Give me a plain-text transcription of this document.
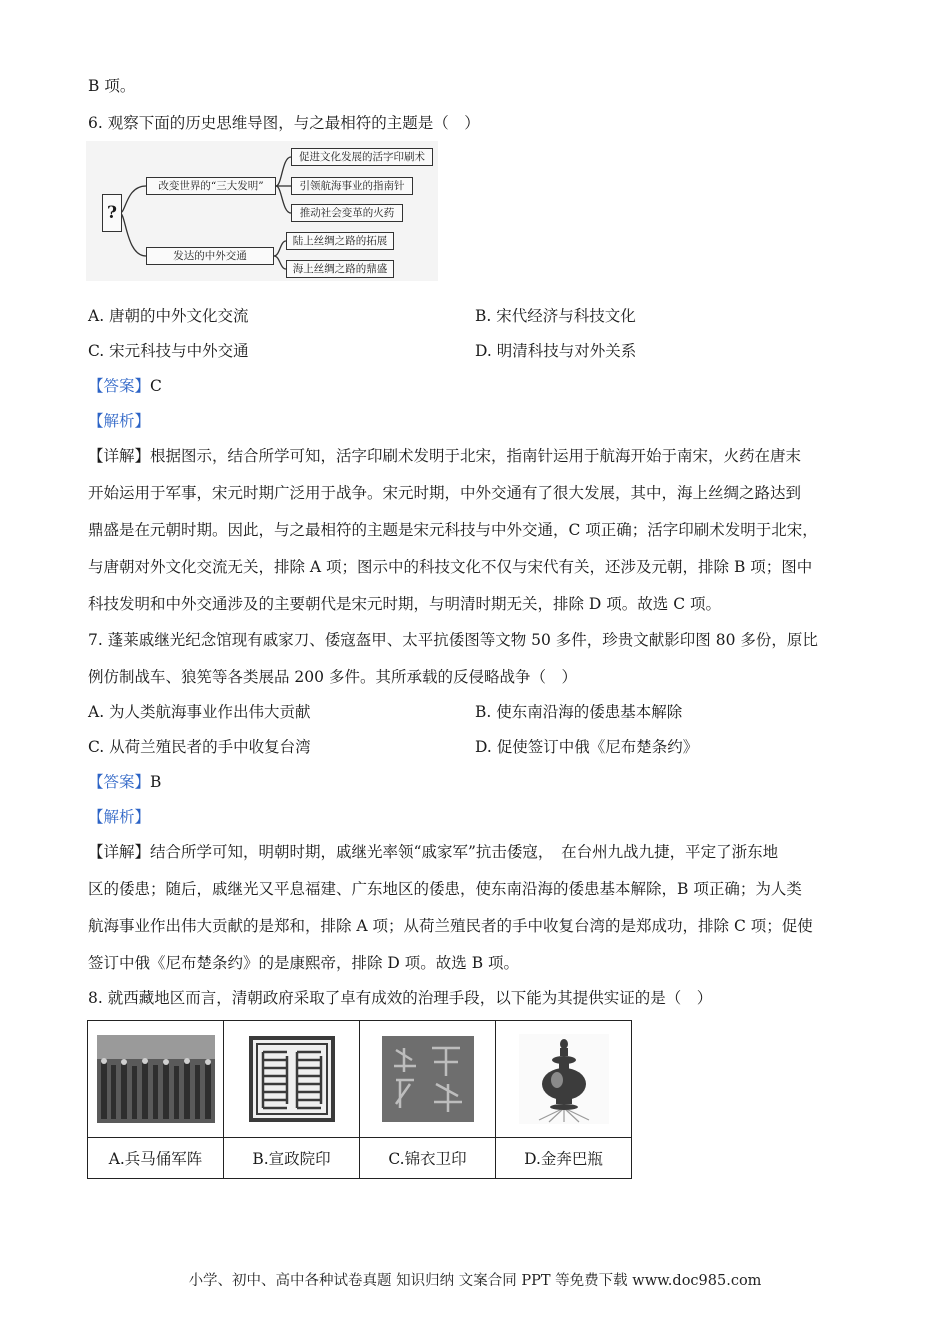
B 项。
6. 观察下面的历史思维导图，与之最相符的主题是（　）
?
改变世界的“三大发明”
促进文化发展的活字印刷术
引领航海事业的指南针
推动社会变革的火药
发达的中外交通
陆上丝绸之路的拓展
海上丝绸之路的鼎盛
A. 唐朝的中外文化交流	B. 宋代经济与科技文化
C. 宋元科技与中外交通	D. 明清科技与对外关系
【答案】C
【解析】
【详解】根据图示，结合所学可知，活字印刷术发明于北宋，指南针运用于航海开始于南宋，火药在唐末
开始运用于军事，宋元时期广泛用于战争。宋元时期，中外交通有了很大发展，其中，海上丝绸之路达到
鼎盛是在元朝时期。因此，与之最相符的主题是宋元科技与中外交通，C 项正确；活字印刷术发明于北宋，
与唐朝对外文化交流无关，排除 A 项；图示中的科技文化不仅与宋代有关，还涉及元朝，排除 B 项；图中
科技发明和中外交通涉及的主要朝代是宋元时期，与明清时期无关，排除 D 项。故选 C 项。
7. 蓬莱戚继光纪念馆现有戚家刀、倭寇盔甲、太平抗倭图等文物 50 多件，珍贵文献影印图 80 多份，原比
例仿制战车、狼筅等各类展品 200 多件。其所承载的反侵略战争（　）
A. 为人类航海事业作出伟大贡献	B. 使东南沿海的倭患基本解除
C. 从荷兰殖民者的手中收复台湾	D. 促使签订中俄《尼布楚条约》
【答案】B
【解析】
【详解】结合所学可知，明朝时期，戚继光率领“戚家军”抗击倭寇，　在台州九战九捷，平定了浙东地
区的倭患；随后，戚继光又平息福建、广东地区的倭患，使东南沿海的倭患基本解除，B 项正确；为人类
航海事业作出伟大贡献的是郑和，排除 A 项；从荷兰殖民者的手中收复台湾的是郑成功，排除 C 项；促使
签订中俄《尼布楚条约》的是康熙帝，排除 D 项。故选 B 项。
8. 就西藏地区而言，清朝政府采取了卓有成效的治理手段，以下能为其提供实证的是（　）

A.兵马俑军阵	B.宣政院印	C.锦衣卫印	D.金奔巴瓶
小学、初中、高中各种试卷真题 知识归纳 文案合同 PPT 等免费下载 www.doc985.com
